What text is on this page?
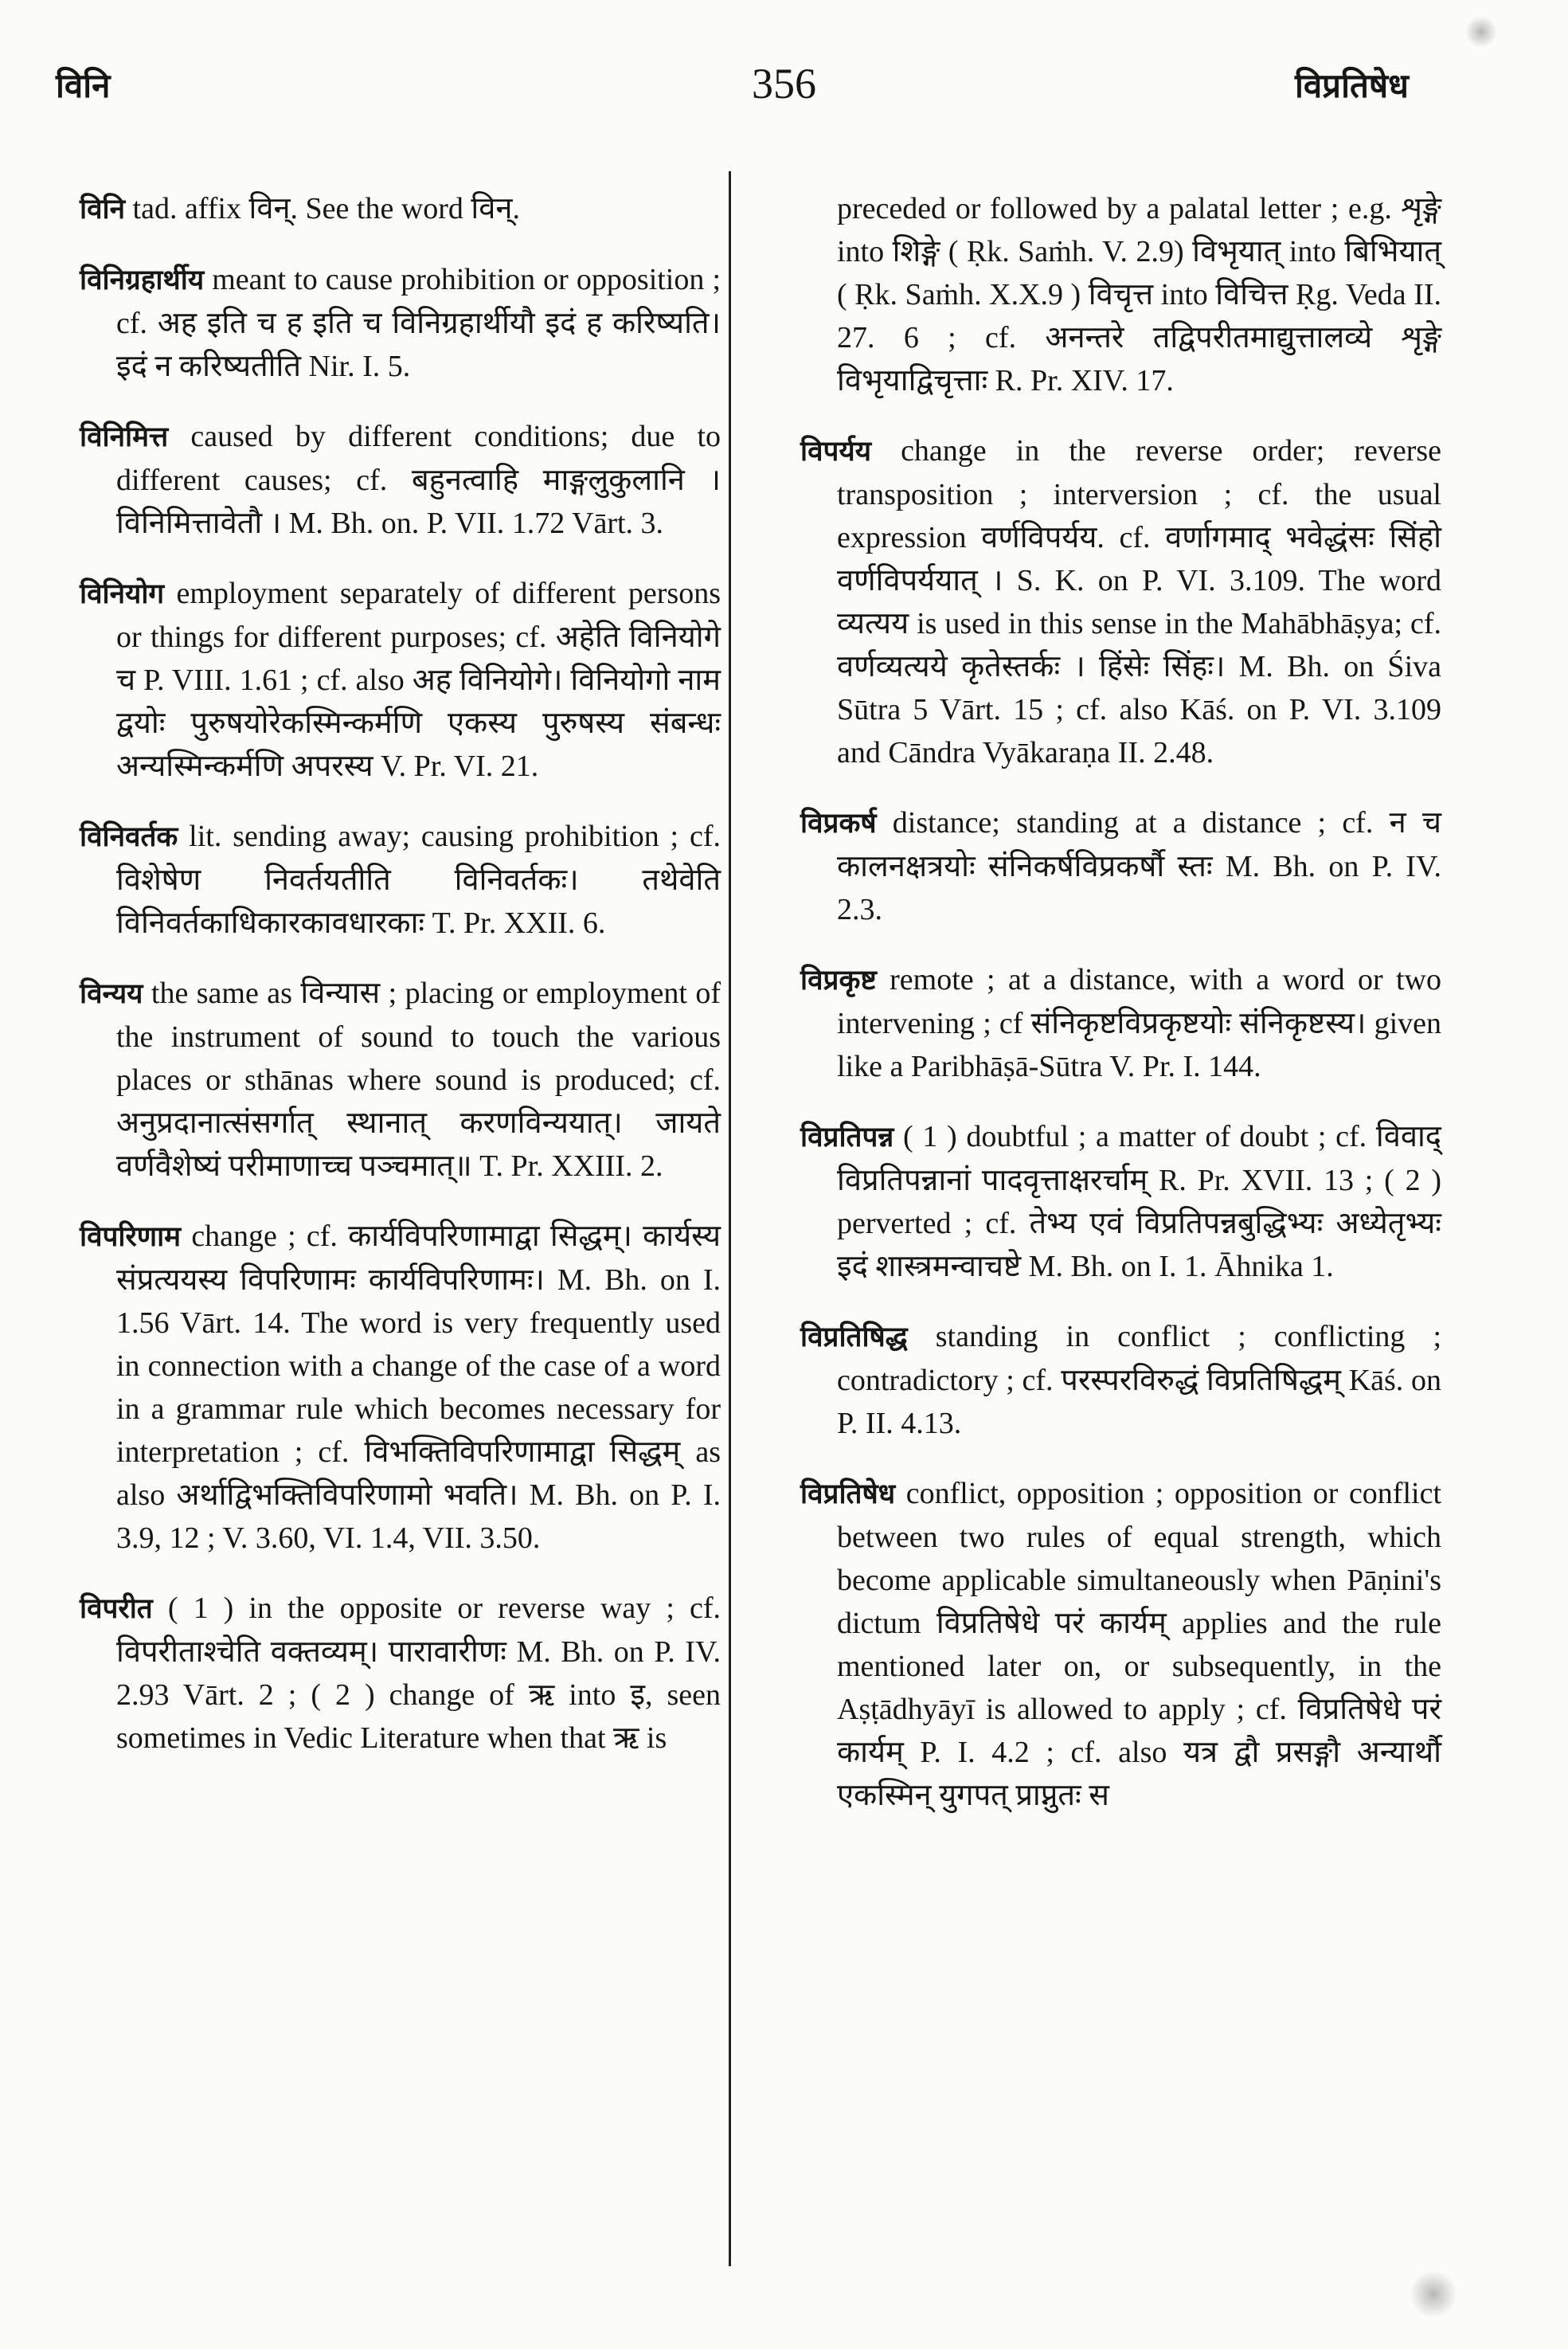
विनि	356	विप्रतिषेध

विनि tad. affix विन्. See the word विन्.

विनिग्रहार्थीय meant to cause prohibition or opposition ; cf. अह इति च ह इति च विनिग्रहार्थीयौ इदं ह करिष्यति। इदं न करिष्यतीति Nir. I. 5.

विनिमित्त caused by different conditions; due to different causes; cf. बहुनत्वाहि माङ्गलुकुलानि । विनिमित्तावेतौ । M. Bh. on. P. VII. 1.72 Vārt. 3.

विनियोग employment separately of different persons or things for different purposes; cf. अहेति विनियोगे च P. VIII. 1.61 ; cf. also अह विनियोगे। विनियोगो नाम द्वयोः पुरुषयोरेकस्मिन्कर्मणि एकस्य पुरुषस्य संबन्धः अन्यस्मिन्कर्मणि अपरस्य V. Pr. VI. 21.

विनिवर्तक lit. sending away; causing prohibition ; cf. विशेषेण निवर्तयतीति विनिवर्तकः। तथेवेति विनिवर्तकाधिकारकावधारकाः T. Pr. XXII. 6.

विन्यय the same as विन्यास ; placing or employment of the instrument of sound to touch the various places or sthānas where sound is produced; cf. अनुप्रदानात्संसर्गात् स्थानात् करणविन्ययात्। जायते वर्णवैशेष्यं परीमाणाच्च पञ्चमात्॥ T. Pr. XXIII. 2.

विपरिणाम change ; cf. कार्यविपरिणामाद्वा सिद्धम्। कार्यस्य संप्रत्ययस्य विपरिणामः कार्यविपरिणामः। M. Bh. on I. 1.56 Vārt. 14. The word is very frequently used in connection with a change of the case of a word in a grammar rule which becomes necessary for interpretation ; cf. विभक्तिविपरिणामाद्वा सिद्धम् as also अर्थाद्विभक्तिविपरिणामो भवति। M. Bh. on P. I. 3.9, 12 ; V. 3.60, VI. 1.4, VII. 3.50.

विपरीत ( 1 ) in the opposite or reverse way ; cf. विपरीताश्चेति वक्तव्यम्। पारावारीणः M. Bh. on P. IV. 2.93 Vārt. 2 ; ( 2 ) change of ऋ into इ, seen sometimes in Vedic Literature when that ऋ is

preceded or followed by a palatal letter ; e.g. शृङ्गे into शिङ्गे ( Ṛk. Saṁh. V. 2.9) विभृयात् into बिभियात् ( Ṛk. Saṁh. X.X.9 ) विचृत्त into विचित्त Ṛg. Veda II. 27. 6 ; cf. अनन्तरे तद्विपरीतमाद्युत्तालव्ये शृङ्गे विभृयाद्विचृत्ताः R. Pr. XIV. 17.

विपर्यय change in the reverse order; reverse transposition ; interversion ; cf. the usual expression वर्णविपर्यय. cf. वर्णागमाद् भवेद्धंसः सिंहो वर्णविपर्ययात् । S. K. on P. VI. 3.109. The word व्यत्यय is used in this sense in the Mahābhāṣya; cf. वर्णव्यत्यये कृतेस्तर्कः । हिंसेः सिंहः। M. Bh. on Śiva Sūtra 5 Vārt. 15 ; cf. also Kāś. on P. VI. 3.109 and Cāndra Vyākaraṇa II. 2.48.

विप्रकर्ष distance; standing at a distance ; cf. न च कालनक्षत्रयोः संनिकर्षविप्रकर्षौ स्तः M. Bh. on P. IV. 2.3.

विप्रकृष्ट remote ; at a distance, with a word or two intervening ; cf संनिकृष्टविप्रकृष्टयोः संनिकृष्टस्य। given like a Paribhāṣā-Sūtra V. Pr. I. 144.

विप्रतिपन्न ( 1 ) doubtful ; a matter of doubt ; cf. विवाद् विप्रतिपन्नानां पादवृत्ताक्षरर्चाम् R. Pr. XVII. 13 ; ( 2 ) perverted ; cf. तेभ्य एवं विप्रतिपन्नबुद्धिभ्यः अध्येतृभ्यः इदं शास्त्रमन्वाचष्टे M. Bh. on I. 1. Āhnika 1.

विप्रतिषिद्ध standing in conflict ; conflicting ; contradictory ; cf. परस्परविरुद्धं विप्रतिषिद्धम् Kāś. on P. II. 4.13.

विप्रतिषेध conflict, opposition ; opposition or conflict between two rules of equal strength, which become applicable simultaneously when Pāṇini's dictum विप्रतिषेधे परं कार्यम् applies and the rule mentioned later on, or subsequently, in the Aṣṭādhyāyī is allowed to apply ; cf. विप्रतिषेधे परं कार्यम् P. I. 4.2 ; cf. also यत्र द्वौ प्रसङ्गौ अन्यार्थौ एकस्मिन् युगपत् प्राप्नुतः स
